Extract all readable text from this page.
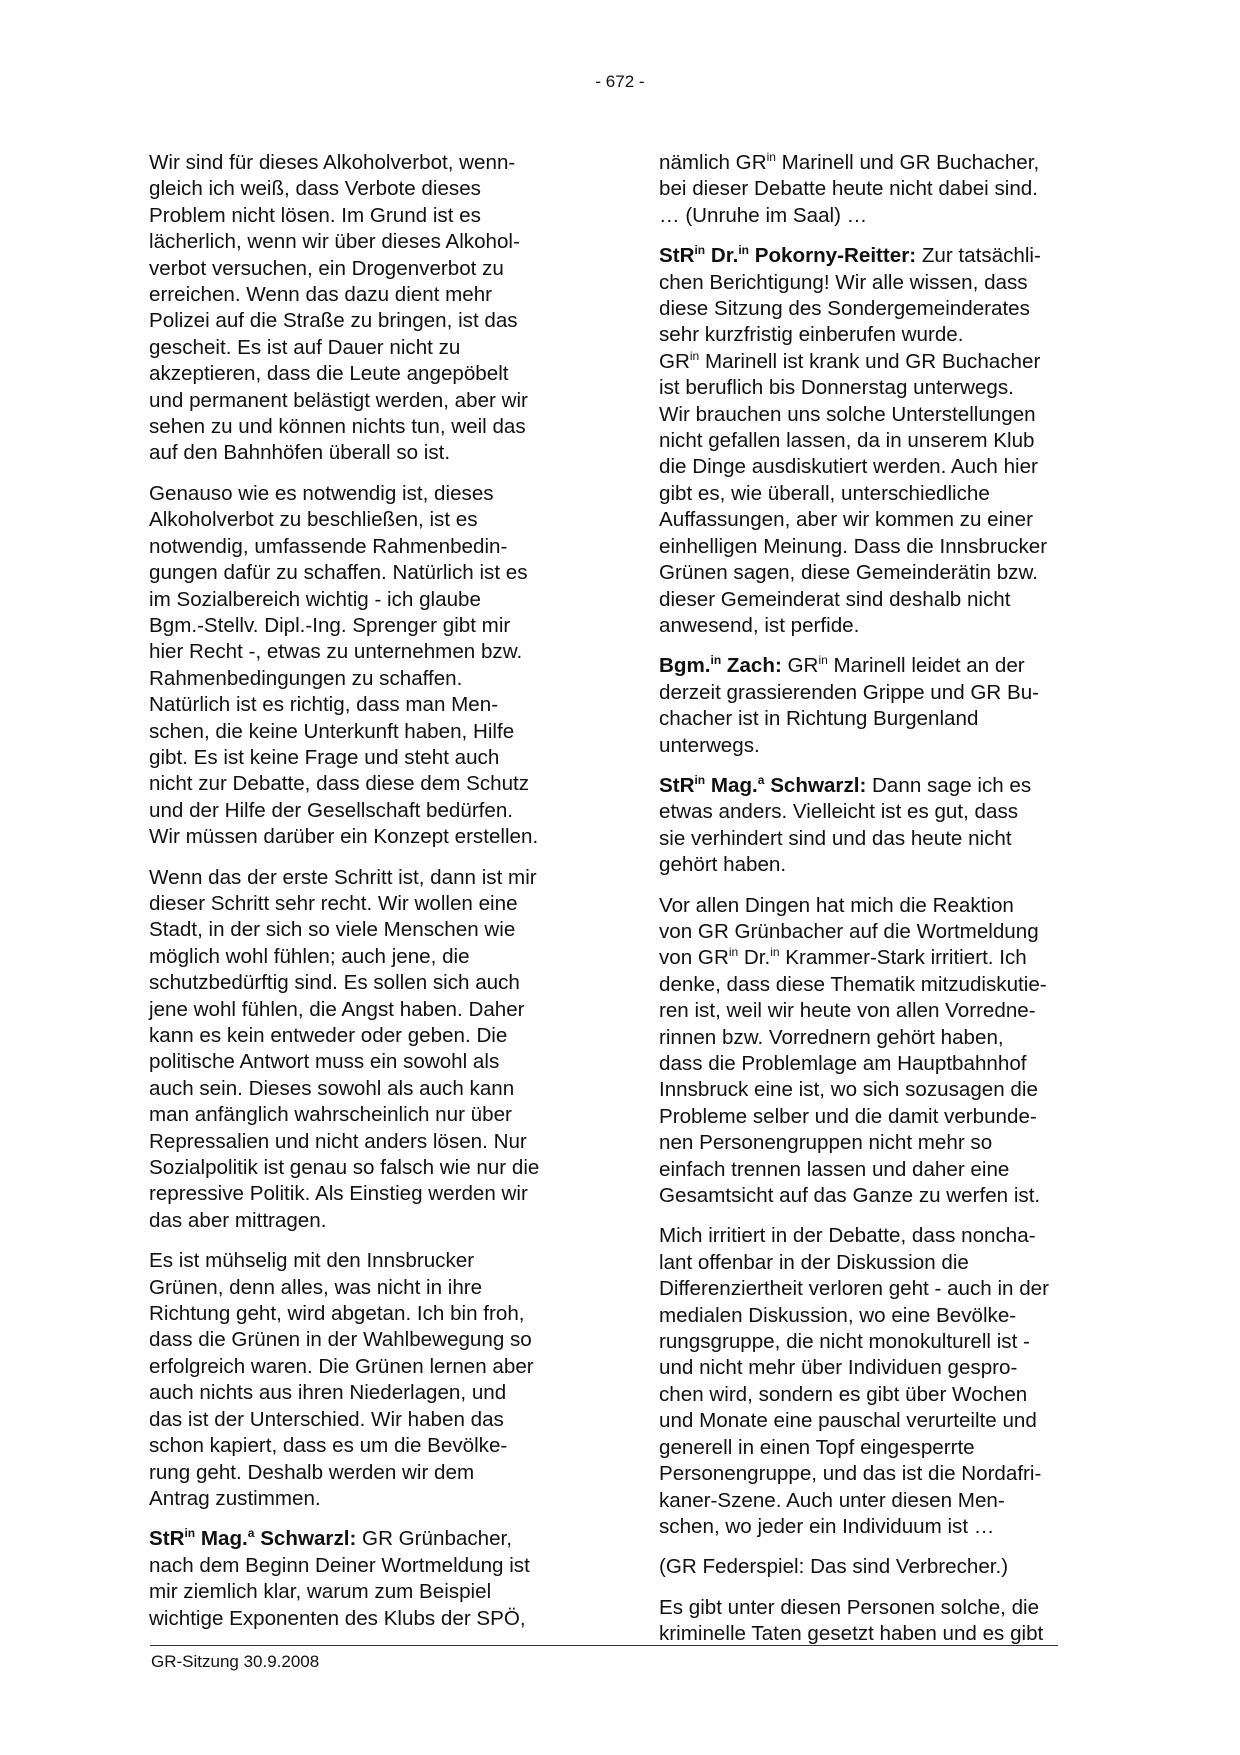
- 672 -

Wir sind für dieses Alkoholverbot, wenn-
gleich ich weiß, dass Verbote dieses
Problem nicht lösen. Im Grund ist es
lächerlich, wenn wir über dieses Alkohol-
verbot versuchen, ein Drogenverbot zu
erreichen. Wenn das dazu dient mehr
Polizei auf die Straße zu bringen, ist das
gescheit. Es ist auf Dauer nicht zu
akzeptieren, dass die Leute angepöbelt
und permanent belästigt werden, aber wir
sehen zu und können nichts tun, weil das
auf den Bahnhöfen überall so ist.

Genauso wie es notwendig ist, dieses
Alkoholverbot zu beschließen, ist es
notwendig, umfassende Rahmenbedin-
gungen dafür zu schaffen. Natürlich ist es
im Sozialbereich wichtig - ich glaube
Bgm.-Stellv. Dipl.-Ing. Sprenger gibt mir
hier Recht -, etwas zu unternehmen bzw.
Rahmenbedingungen zu schaffen.
Natürlich ist es richtig, dass man Men-
schen, die keine Unterkunft haben, Hilfe
gibt. Es ist keine Frage und steht auch
nicht zur Debatte, dass diese dem Schutz
und der Hilfe der Gesellschaft bedürfen.
Wir müssen darüber ein Konzept erstellen.

Wenn das der erste Schritt ist, dann ist mir
dieser Schritt sehr recht. Wir wollen eine
Stadt, in der sich so viele Menschen wie
möglich wohl fühlen; auch jene, die
schutzbedürftig sind. Es sollen sich auch
jene wohl fühlen, die Angst haben. Daher
kann es kein entweder oder geben. Die
politische Antwort muss ein sowohl als
auch sein. Dieses sowohl als auch kann
man anfänglich wahrscheinlich nur über
Repressalien und nicht anders lösen. Nur
Sozialpolitik ist genau so falsch wie nur die
repressive Politik. Als Einstieg werden wir
das aber mittragen.

Es ist mühselig mit den Innsbrucker
Grünen, denn alles, was nicht in ihre
Richtung geht, wird abgetan. Ich bin froh,
dass die Grünen in der Wahlbewegung so
erfolgreich waren. Die Grünen lernen aber
auch nichts aus ihren Niederlagen, und
das ist der Unterschied. Wir haben das
schon kapiert, dass es um die Bevölke-
rung geht. Deshalb werden wir dem
Antrag zustimmen.

StR$^{in}$ Mag.$^a$ Schwarzl: GR Grünbacher,
nach dem Beginn Deiner Wortmeldung ist
mir ziemlich klar, warum zum Beispiel
wichtige Exponenten des Klubs der SPÖ,

nämlich $GR^{in}$ Marinell und GR Buchacher,
bei dieser Debatte heute nicht dabei sind.
… (Unruhe im Saal) …

StR$^{in}$ Dr.$^{in}$ Pokorny-Reitter: Zur tatsächli-
chen Berichtigung! Wir alle wissen, dass
diese Sitzung des Sondergemeinderates
sehr kurzfristig einberufen wurde.
$GR^{in}$ Marinell ist krank und GR Buchacher
ist beruflich bis Donnerstag unterwegs.
Wir brauchen uns solche Unterstellungen
nicht gefallen lassen, da in unserem Klub
die Dinge ausdiskutiert werden. Auch hier
gibt es, wie überall, unterschiedliche
Auffassungen, aber wir kommen zu einer
einhelligen Meinung. Dass die Innsbrucker
Grünen sagen, diese Gemeinderätin bzw.
dieser Gemeinderat sind deshalb nicht
anwesend, ist perfide.

Bgm.$^{in}$ Zach: $GR^{in}$ Marinell leidet an der
derzeit grassierenden Grippe und GR Bu-
chacher ist in Richtung Burgenland
unterwegs.

StR$^{in}$ Mag.$^a$ Schwarzl: Dann sage ich es
etwas anders. Vielleicht ist es gut, dass
sie verhindert sind und das heute nicht
gehört haben.

Vor allen Dingen hat mich die Reaktion
von GR Grünbacher auf die Wortmeldung
von $GR^{in}$ Dr.$^{in}$ Krammer-Stark irritiert. Ich
denke, dass diese Thematik mitzudiskutie-
ren ist, weil wir heute von allen Vorredne-
rinnen bzw. Vorrednern gehört haben,
dass die Problemlage am Hauptbahnhof
Innsbruck eine ist, wo sich sozusagen die
Probleme selber und die damit verbunde-
nen Personengruppen nicht mehr so
einfach trennen lassen und daher eine
Gesamtsicht auf das Ganze zu werfen ist.

Mich irritiert in der Debatte, dass noncha-
lant offenbar in der Diskussion die
Differenziertheit verloren geht - auch in der
medialen Diskussion, wo eine Bevölke-
rungsgruppe, die nicht monokulturell ist -
und nicht mehr über Individuen gespro-
chen wird, sondern es gibt über Wochen
und Monate eine pauschal verurteilte und
generell in einen Topf eingesperrte
Personengruppe, und das ist die Nordafri-
kaner-Szene. Auch unter diesen Men-
schen, wo jeder ein Individuum ist …

(GR Federspiel: Das sind Verbrecher.)

Es gibt unter diesen Personen solche, die
kriminelle Taten gesetzt haben und es gibt

GR-Sitzung 30.9.2008
